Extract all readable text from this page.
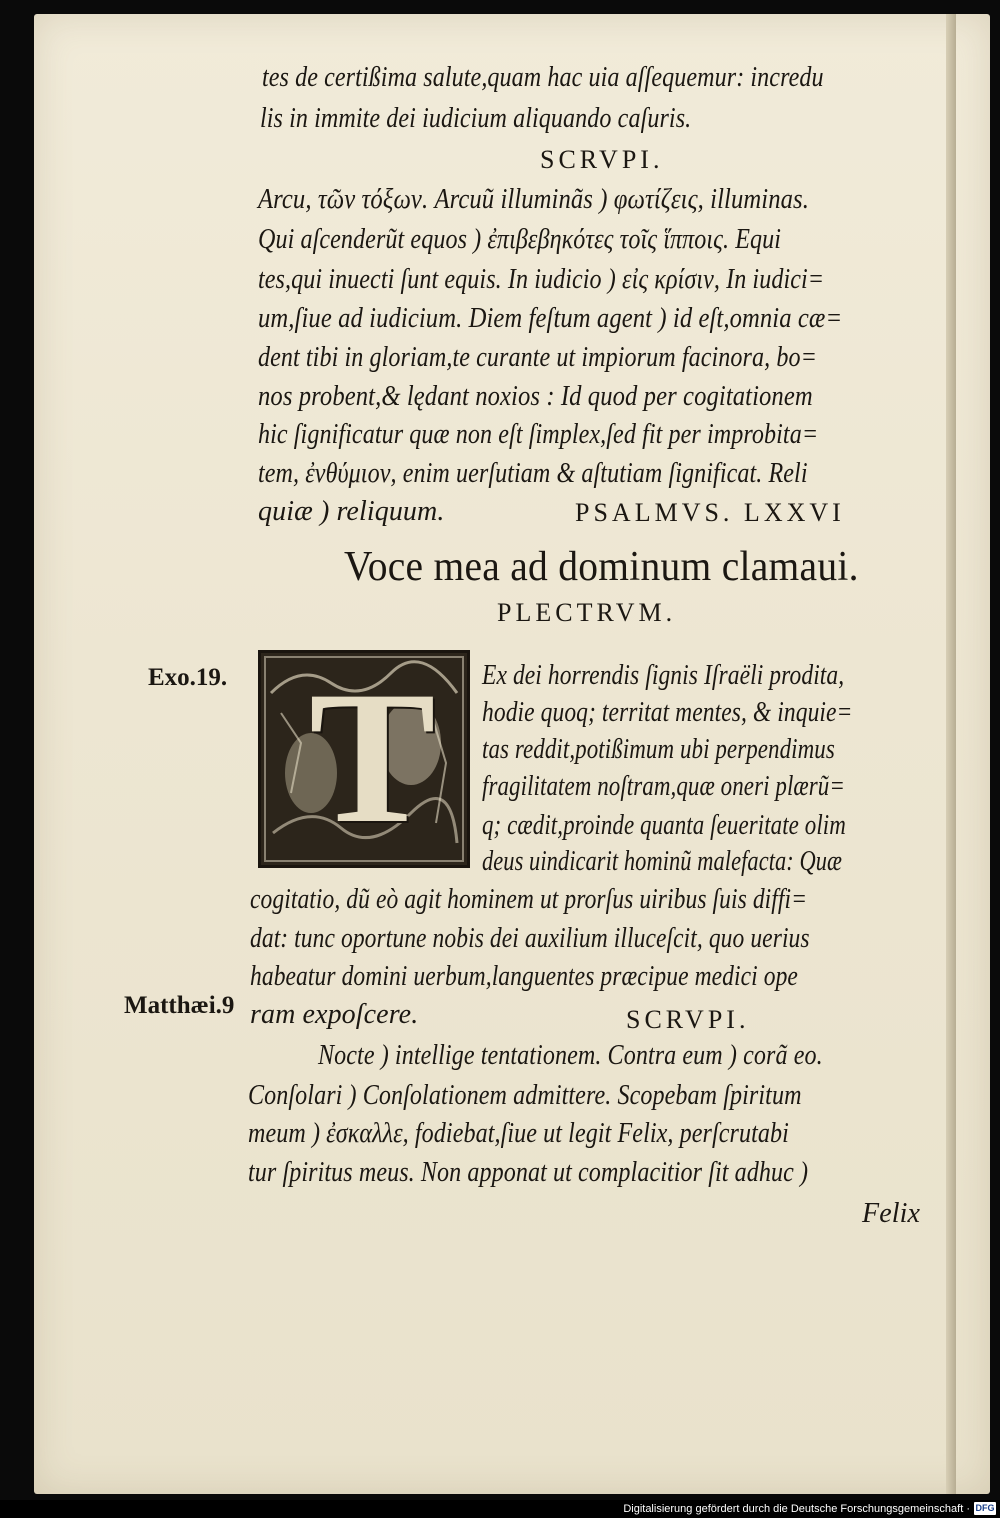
tes de certißima salute,quam hac uia aſſequemur: incredu
lis in immite dei iudicium aliquando caſuris.
SCRVPI.
Arcu, τῶν τόξων. Arcuũ illuminãs ) φωτίζεις, illuminas.
Qui aſcenderũt equos ) ἐπιβεβηκότες τοῖς ἵπποις. Equi
tes,qui inuecti ſunt equis. In iudicio ) εἰς κρίσιν, In iudici=
um,ſiue ad iudicium. Diem feſtum agent ) id eſt,omnia cæ=
dent tibi in gloriam,te curante ut impiorum facinora, bo=
nos probent,& lędant noxios : Id quod per cogitationem
hic ſignificatur quæ non eſt ſimplex,ſed fit per improbita=
tem, ἐνθύμιον, enim uerſutiam & aſtutiam ſignificat. Reli
quiæ ) reliquum.	PSALMVS. LXXVI
Voce mea ad dominum clamaui.
PLECTRVM.
Exo.19. T Ex dei horrendis ſignis Iſraëli prodita,
hodie quoq; territat mentes, & inquie=
tas reddit,potißimum ubi perpendimus
fragilitatem noſtram,quæ oneri plærũ=
q; cædit,proinde quanta ſeueritate olim
deus uindicarit hominũ malefacta: Quæ
cogitatio, dũ eò agit hominem ut prorſus uiribus ſuis diffi=
dat: tunc oportune nobis dei auxilium illuceſcit, quo uerius
habeatur domini uerbum,languentes præcipue medici ope
ram expoſcere.
Matthæi.9	SCRVPI.
Nocte ) intellige tentationem. Contra eum ) corã eo.
Conſolari ) Conſolationem admittere. Scopebam ſpiritum
meum ) ἐσκαλλε, fodiebat,ſiue ut legit Felix, perſcrutabi
tur ſpiritus meus. Non apponat ut complacitior ſit adhuc )
Felix
Digitalisierung gefördert durch die Deutsche Forschungsgemeinschaft · DFG
